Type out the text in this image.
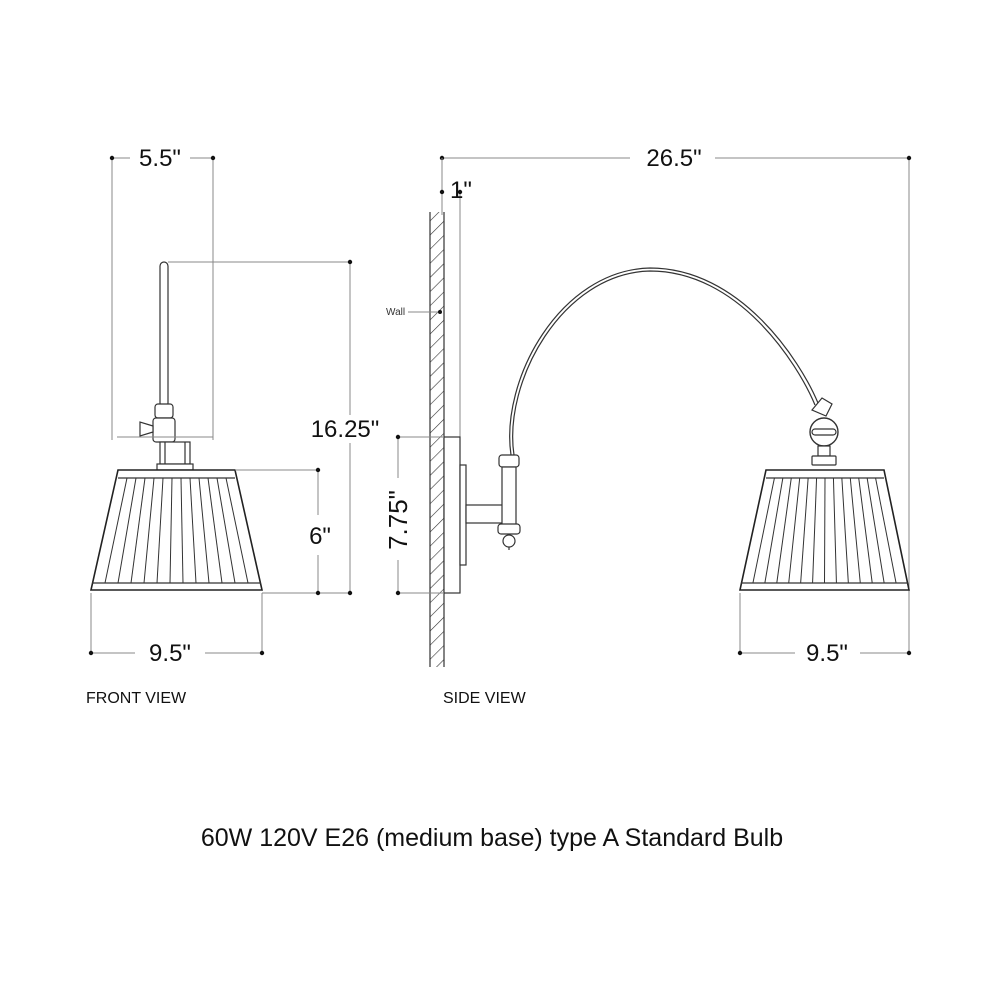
5.5"
6"
16.25"
9.5"
FRONT VIEW
26.5"
1"
Wall
7.75"
9.5"
SIDE VIEW
60W 120V E26 (medium base) type A Standard Bulb
